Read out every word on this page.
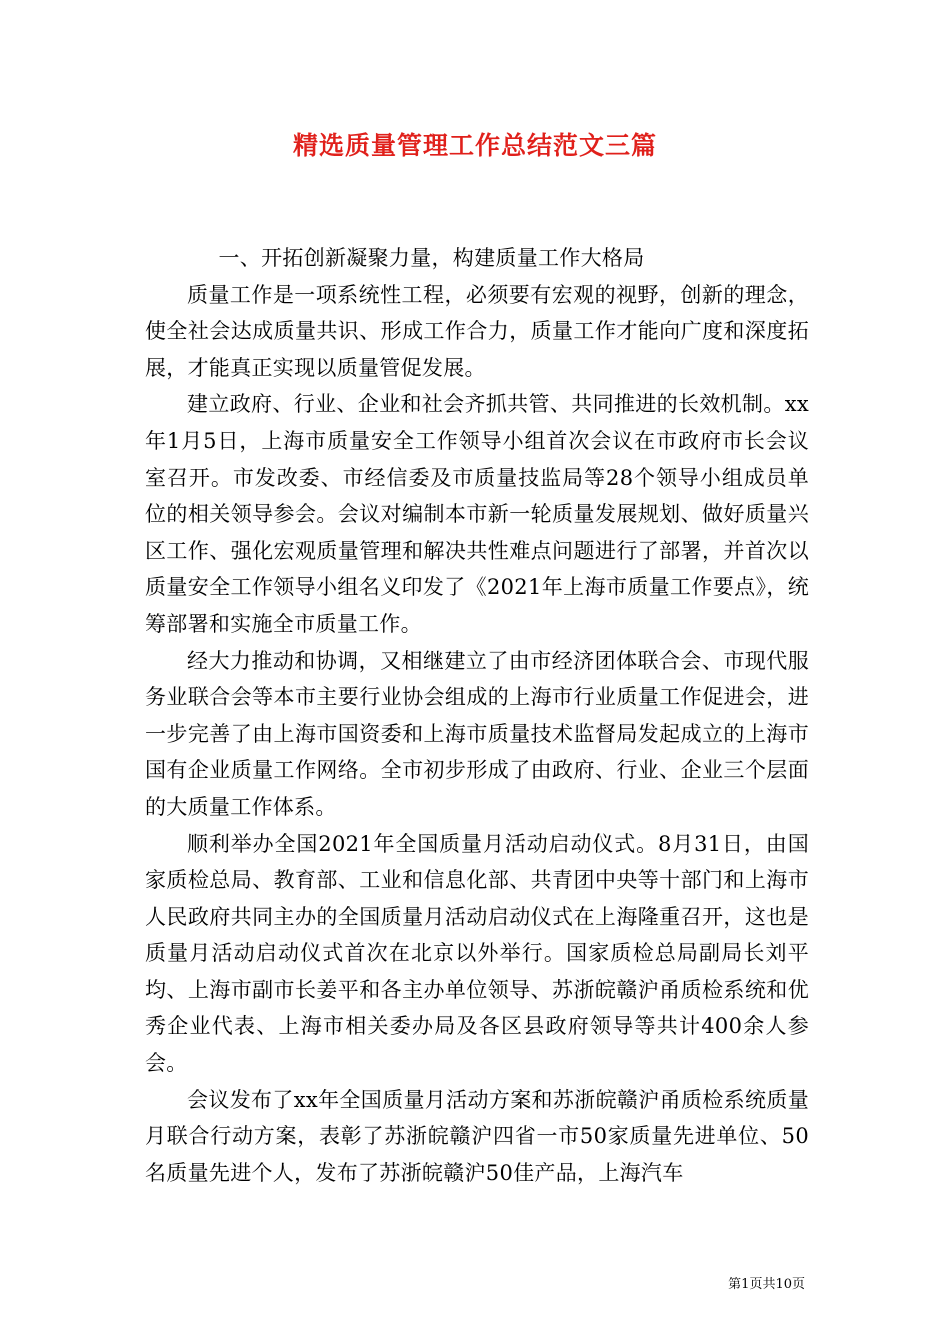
精选质量管理工作总结范文三篇

一、开拓创新凝聚力量，构建质量工作大格局

质量工作是一项系统性工程，必须要有宏观的视野，创新的理念，使全社会达成质量共识、形成工作合力，质量工作才能向广度和深度拓展，才能真正实现以质量管促发展。

建立政府、行业、企业和社会齐抓共管、共同推进的长效机制。xx年1月5日，上海市质量安全工作领导小组首次会议在市政府市长会议室召开。市发改委、市经信委及市质量技监局等28个领导小组成员单位的相关领导参会。会议对编制本市新一轮质量发展规划、做好质量兴区工作、强化宏观质量管理和解决共性难点问题进行了部署，并首次以质量安全工作领导小组名义印发了《2021年上海市质量工作要点》，统筹部署和实施全市质量工作。

经大力推动和协调，又相继建立了由市经济团体联合会、市现代服务业联合会等本市主要行业协会组成的上海市行业质量工作促进会，进一步完善了由上海市国资委和上海市质量技术监督局发起成立的上海市国有企业质量工作网络。全市初步形成了由政府、行业、企业三个层面的大质量工作体系。

顺利举办全国2021年全国质量月活动启动仪式。8月31日，由国家质检总局、教育部、工业和信息化部、共青团中央等十部门和上海市人民政府共同主办的全国质量月活动启动仪式在上海隆重召开，这也是质量月活动启动仪式首次在北京以外举行。国家质检总局副局长刘平均、上海市副市长姜平和各主办单位领导、苏浙皖赣沪甬质检系统和优秀企业代表、上海市相关委办局及各区县政府领导等共计400余人参会。

会议发布了xx年全国质量月活动方案和苏浙皖赣沪甬质检系统质量月联合行动方案，表彰了苏浙皖赣沪四省一市50家质量先进单位、50名质量先进个人，发布了苏浙皖赣沪50佳产品，上海汽车

第1页共10页
